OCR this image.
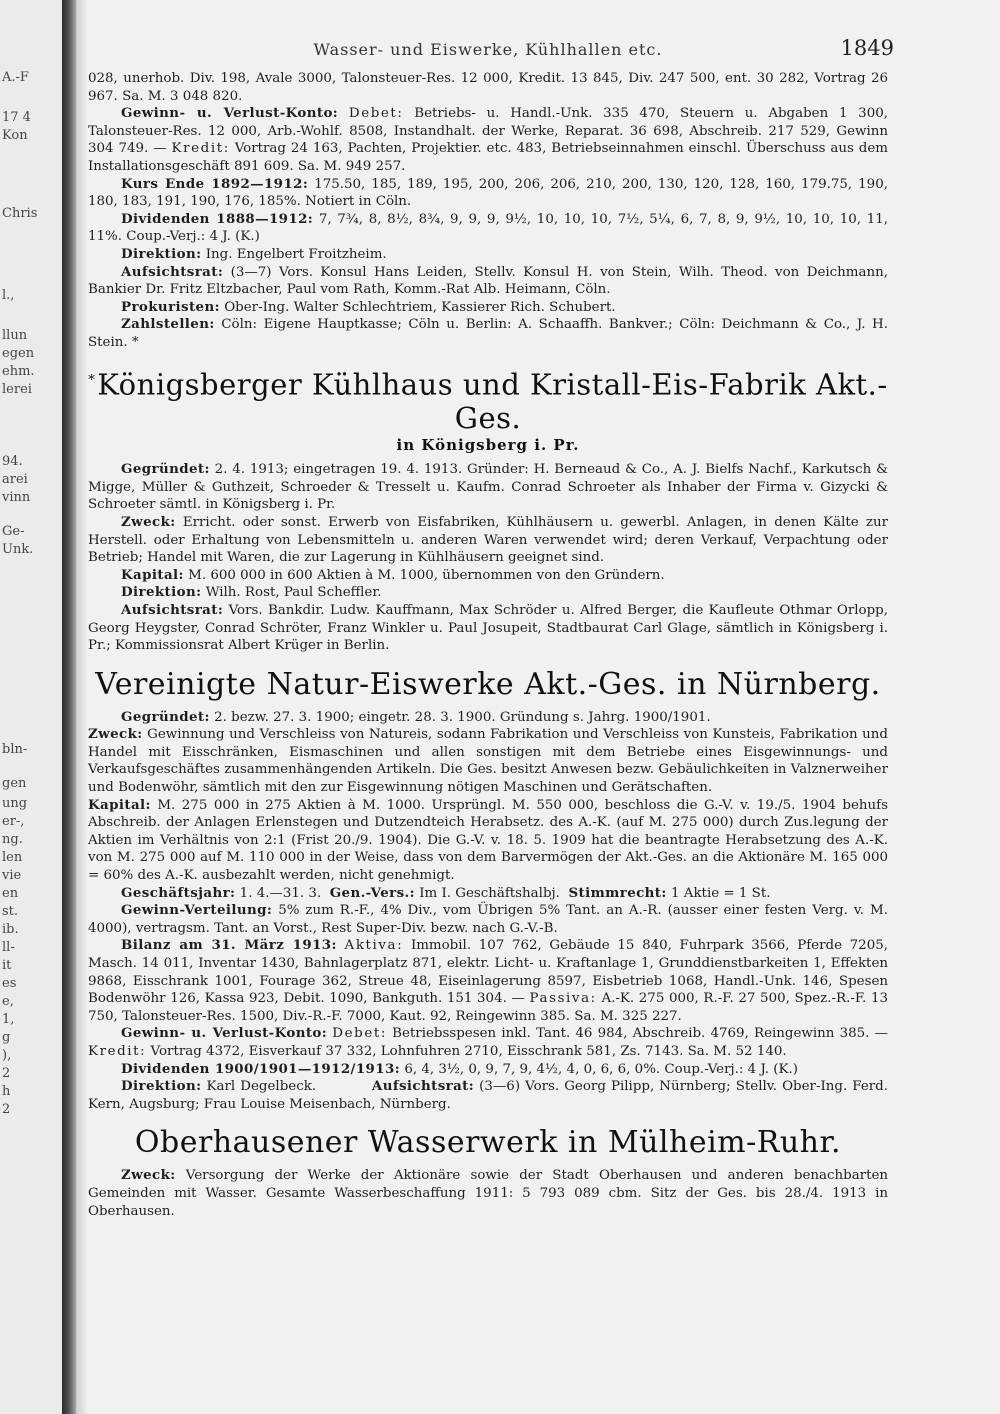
A.-F
17 4
Kon
Chris
l.,
llun
egen
ehm.
lerei
94.
arei
vinn
Ge-
Unk.
bln-
gen
ung
er-,
ng.
len
vie
en
st.
ib.
ll-
it
es
e,
1,
g
),
2
h
2
Wasser- und Eiswerke, Kühlhallen etc.	1849

028, unerhob. Div. 198, Avale 3000, Talonsteuer-Res. 12 000, Kredit. 13 845, Div. 247 500, ent. 30 282, Vortrag 26 967. Sa. M. 3 048 820.

Gewinn- u. Verlust-Konto: Debet: Betriebs- u. Handl.-Unk. 335 470, Steuern u. Abgaben 1 300, Talonsteuer-Res. 12 000, Arb.-Wohlf. 8508, Instandhalt. der Werke, Reparat. 36 698, Abschreib. 217 529, Gewinn 304 749. — Kredit: Vortrag 24 163, Pachten, Projektier. etc. 483, Betriebseinnahmen einschl. Überschuss aus dem Installationsgeschäft 891 609. Sa. M. 949 257.

Kurs Ende 1892—1912: 175.50, 185, 189, 195, 200, 206, 206, 210, 200, 130, 120, 128, 160, 179.75, 190, 180, 183, 191, 190, 176, 185%. Notiert in Cöln.

Dividenden 1888—1912: 7, 7¾, 8, 8½, 8¾, 9, 9, 9, 9½, 10, 10, 10, 7½, 5¼, 6, 7, 8, 9, 9½, 10, 10, 10, 11, 11%. Coup.-Verj.: 4 J. (K.)

Direktion: Ing. Engelbert Froitzheim.

Aufsichtsrat: (3—7) Vors. Konsul Hans Leiden, Stellv. Konsul H. von Stein, Wilh. Theod. von Deichmann, Bankier Dr. Fritz Eltzbacher, Paul vom Rath, Komm.-Rat Alb. Heimann, Cöln.

Prokuristen: Ober-Ing. Walter Schlechtriem, Kassierer Rich. Schubert.

Zahlstellen: Cöln: Eigene Hauptkasse; Cöln u. Berlin: A. Schaaffh. Bankver.; Cöln: Deichmann & Co., J. H. Stein. *

*Königsberger Kühlhaus und Kristall-Eis-Fabrik Akt.-Ges.
in Königsberg i. Pr.

Gegründet: 2. 4. 1913; eingetragen 19. 4. 1913. Gründer: H. Berneaud & Co., A. J. Bielfs Nachf., Karkutsch & Migge, Müller & Guthzeit, Schroeder & Tresselt u. Kaufm. Conrad Schroeter als Inhaber der Firma v. Gizycki & Schroeter sämtl. in Königsberg i. Pr.

Zweck: Erricht. oder sonst. Erwerb von Eisfabriken, Kühlhäusern u. gewerbl. Anlagen, in denen Kälte zur Herstell. oder Erhaltung von Lebensmitteln u. anderen Waren verwendet wird; deren Verkauf, Verpachtung oder Betrieb; Handel mit Waren, die zur Lagerung in Kühlhäusern geeignet sind.

Kapital: M. 600 000 in 600 Aktien à M. 1000, übernommen von den Gründern.

Direktion: Wilh. Rost, Paul Scheffler.

Aufsichtsrat: Vors. Bankdir. Ludw. Kauffmann, Max Schröder u. Alfred Berger, die Kaufleute Othmar Orlopp, Georg Heygster, Conrad Schröter, Franz Winkler u. Paul Josupeit, Stadtbaurat Carl Glage, sämtlich in Königsberg i. Pr.; Kommissionsrat Albert Krüger in Berlin.

Vereinigte Natur-Eiswerke Akt.-Ges. in Nürnberg.

Gegründet: 2. bezw. 27. 3. 1900; eingetr. 28. 3. 1900. Gründung s. Jahrg. 1900/1901.

Zweck: Gewinnung und Verschleiss von Natureis, sodann Fabrikation und Verschleiss von Kunsteis, Fabrikation und Handel mit Eisschränken, Eismaschinen und allen sonstigen mit dem Betriebe eines Eisgewinnungs- und Verkaufsgeschäftes zusammenhängenden Artikeln. Die Ges. besitzt Anwesen bezw. Gebäulichkeiten in Valznerweiher und Bodenwöhr, sämtlich mit den zur Eisgewinnung nötigen Maschinen und Gerätschaften.

Kapital: M. 275 000 in 275 Aktien à M. 1000. Ursprüngl. M. 550 000, beschloss die G.-V. v. 19./5. 1904 behufs Abschreib. der Anlagen Erlenstegen und Dutzendteich Herabsetz. des A.-K. (auf M. 275 000) durch Zus.legung der Aktien im Verhältnis von 2:1 (Frist 20./9. 1904). Die G.-V. v. 18. 5. 1909 hat die beantragte Herabsetzung des A.-K. von M. 275 000 auf M. 110 000 in der Weise, dass von dem Barvermögen der Akt.-Ges. an die Aktionäre M. 165 000 = 60% des A.-K. ausbezahlt werden, nicht genehmigt.

Geschäftsjahr: 1. 4.—31. 3. Gen.-Vers.: Im I. Geschäftshalbj. Stimmrecht: 1 Aktie = 1 St.

Gewinn-Verteilung: 5% zum R.-F., 4% Div., vom Übrigen 5% Tant. an A.-R. (ausser einer festen Verg. v. M. 4000), vertragsm. Tant. an Vorst., Rest Super-Div. bezw. nach G.-V.-B.

Bilanz am 31. März 1913: Aktiva: Immobil. 107 762, Gebäude 15 840, Fuhrpark 3566, Pferde 7205, Masch. 14 011, Inventar 1430, Bahnlagerplatz 871, elektr. Licht- u. Kraftanlage 1, Grunddienstbarkeiten 1, Effekten 9868, Eisschrank 1001, Fourage 362, Streue 48, Eiseinlagerung 8597, Eisbetrieb 1068, Handl.-Unk. 146, Spesen Bodenwöhr 126, Kassa 923, Debit. 1090, Bankguth. 151 304. — Passiva: A.-K. 275 000, R.-F. 27 500, Spez.-R.-F. 13 750, Talonsteuer-Res. 1500, Div.-R.-F. 7000, Kaut. 92, Reingewinn 385. Sa. M. 325 227.

Gewinn- u. Verlust-Konto: Debet: Betriebsspesen inkl. Tant. 46 984, Abschreib. 4769, Reingewinn 385. — Kredit: Vortrag 4372, Eisverkauf 37 332, Lohnfuhren 2710, Eisschrank 581, Zs. 7143. Sa. M. 52 140.

Dividenden 1900/1901—1912/1913: 6, 4, 3½, 0, 9, 7, 9, 4½, 4, 0, 6, 6, 0%. Coup.-Verj.: 4 J. (K.)

Direktion: Karl Degelbeck.	Aufsichtsrat: (3—6) Vors. Georg Pilipp, Nürnberg; Stellv. Ober-Ing. Ferd. Kern, Augsburg; Frau Louise Meisenbach, Nürnberg.

Oberhausener Wasserwerk in Mülheim-Ruhr.

Zweck: Versorgung der Werke der Aktionäre sowie der Stadt Oberhausen und anderen benachbarten Gemeinden mit Wasser. Gesamte Wasserbeschaffung 1911: 5 793 089 cbm. Sitz der Ges. bis 28./4. 1913 in Oberhausen.
